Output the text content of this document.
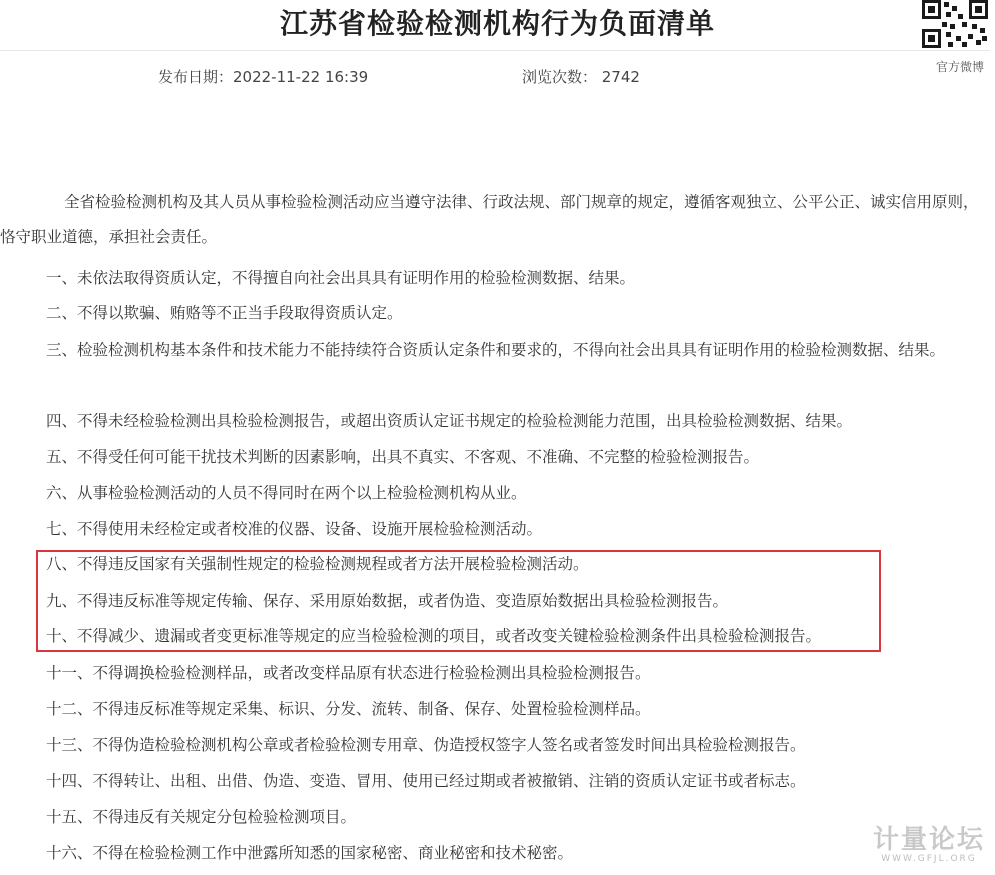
江苏省检验检测机构行为负面清单
官方微博
发布日期：2022-11-22 16:39	浏览次数： 2742

全省检验检测机构及其人员从事检验检测活动应当遵守法律、行政法规、部门规章的规定，遵循客观独立、公平公正、诚实信用原则，恪守职业道德，承担社会责任。

一、未依法取得资质认定，不得擅自向社会出具具有证明作用的检验检测数据、结果。

二、不得以欺骗、贿赂等不正当手段取得资质认定。

三、检验检测机构基本条件和技术能力不能持续符合资质认定条件和要求的，不得向社会出具具有证明作用的检验检测数据、结果。

四、不得未经检验检测出具检验检测报告，或超出资质认定证书规定的检验检测能力范围，出具检验检测数据、结果。

五、不得受任何可能干扰技术判断的因素影响，出具不真实、不客观、不准确、不完整的检验检测报告。

六、从事检验检测活动的人员不得同时在两个以上检验检测机构从业。

七、不得使用未经检定或者校准的仪器、设备、设施开展检验检测活动。

八、不得违反国家有关强制性规定的检验检测规程或者方法开展检验检测活动。

九、不得违反标准等规定传输、保存、采用原始数据，或者伪造、变造原始数据出具检验检测报告。

十、不得减少、遗漏或者变更标准等规定的应当检验检测的项目，或者改变关键检验检测条件出具检验检测报告。

十一、不得调换检验检测样品，或者改变样品原有状态进行检验检测出具检验检测报告。

十二、不得违反标准等规定采集、标识、分发、流转、制备、保存、处置检验检测样品。

十三、不得伪造检验检测机构公章或者检验检测专用章、伪造授权签字人签名或者签发时间出具检验检测报告。

十四、不得转让、出租、出借、伪造、变造、冒用、使用已经过期或者被撤销、注销的资质认定证书或者标志。

十五、不得违反有关规定分包检验检测项目。

十六、不得在检验检测工作中泄露所知悉的国家秘密、商业秘密和技术秘密。	计量论坛
WWW.GFJL.ORG
